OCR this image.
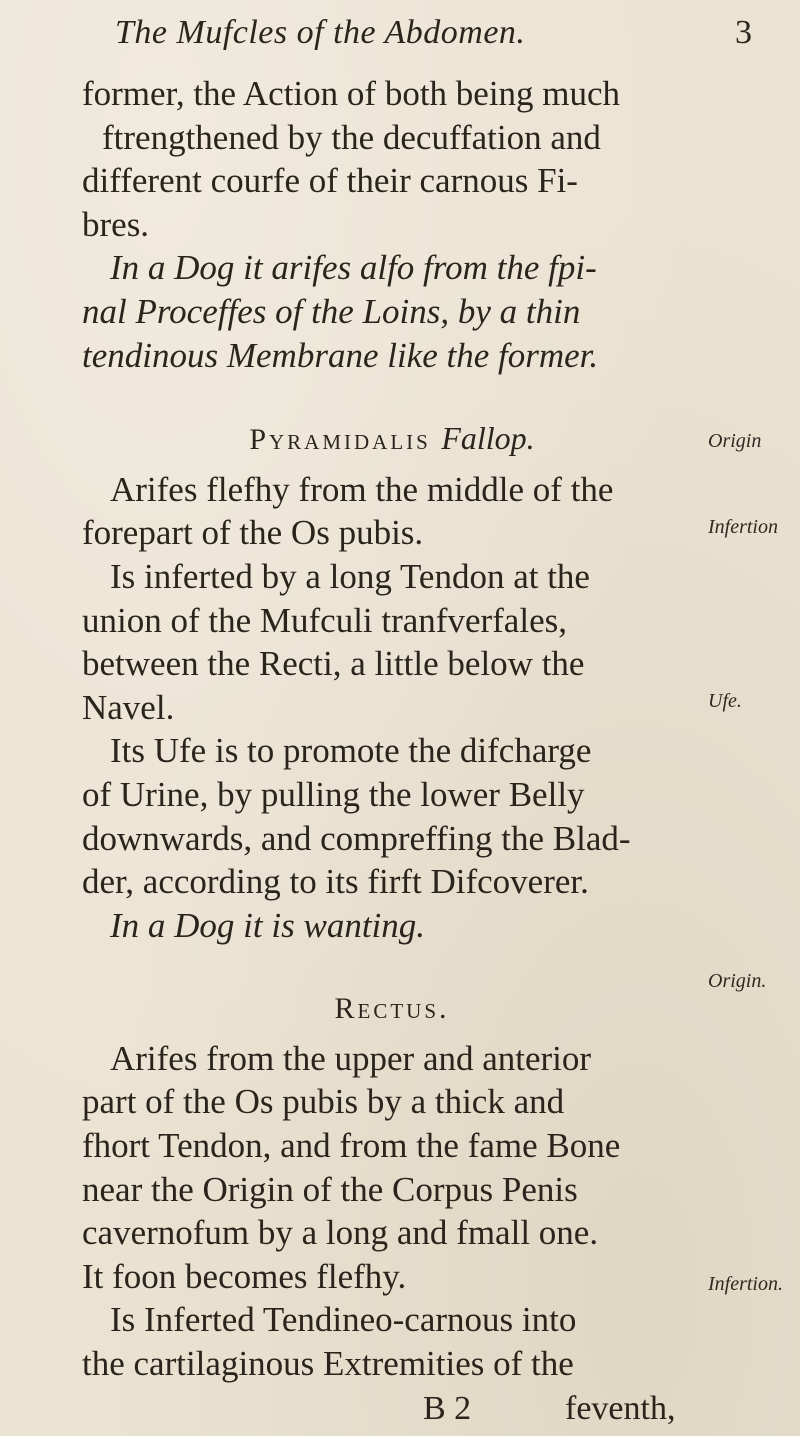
The Mufcles of the Abdomen.	3
former, the Action of both being much
ftrengthened by the decuffation and
different courfe of their carnous Fi-
bres.
In a Dog it arifes alfo from the fpi-
nal Proceffes of the Loins, by a thin
tendinous Membrane like the former.
Pyramidalis Fallop.
Arifes flefhy from the middle of the
forepart of the Os pubis.
Is inferted by a long Tendon at the
union of the Mufculi tranfverfales,
between the Recti, a little below the
Navel.
Its Ufe is to promote the difcharge
of Urine, by pulling the lower Belly
downwards, and compreffing the Blad-
der, according to its firft Difcoverer.
In a Dog it is wanting.
Rectus.
Arifes from the upper and anterior
part of the Os pubis by a thick and
fhort Tendon, and from the fame Bone
near the Origin of the Corpus Penis
cavernofum by a long and fmall one.
It foon becomes flefhy.
Is Inferted Tendineo-carnous into
the cartilaginous Extremities of the
Origin
Infertion
Ufe.
Origin.
Infertion.
B 2	feventh,
